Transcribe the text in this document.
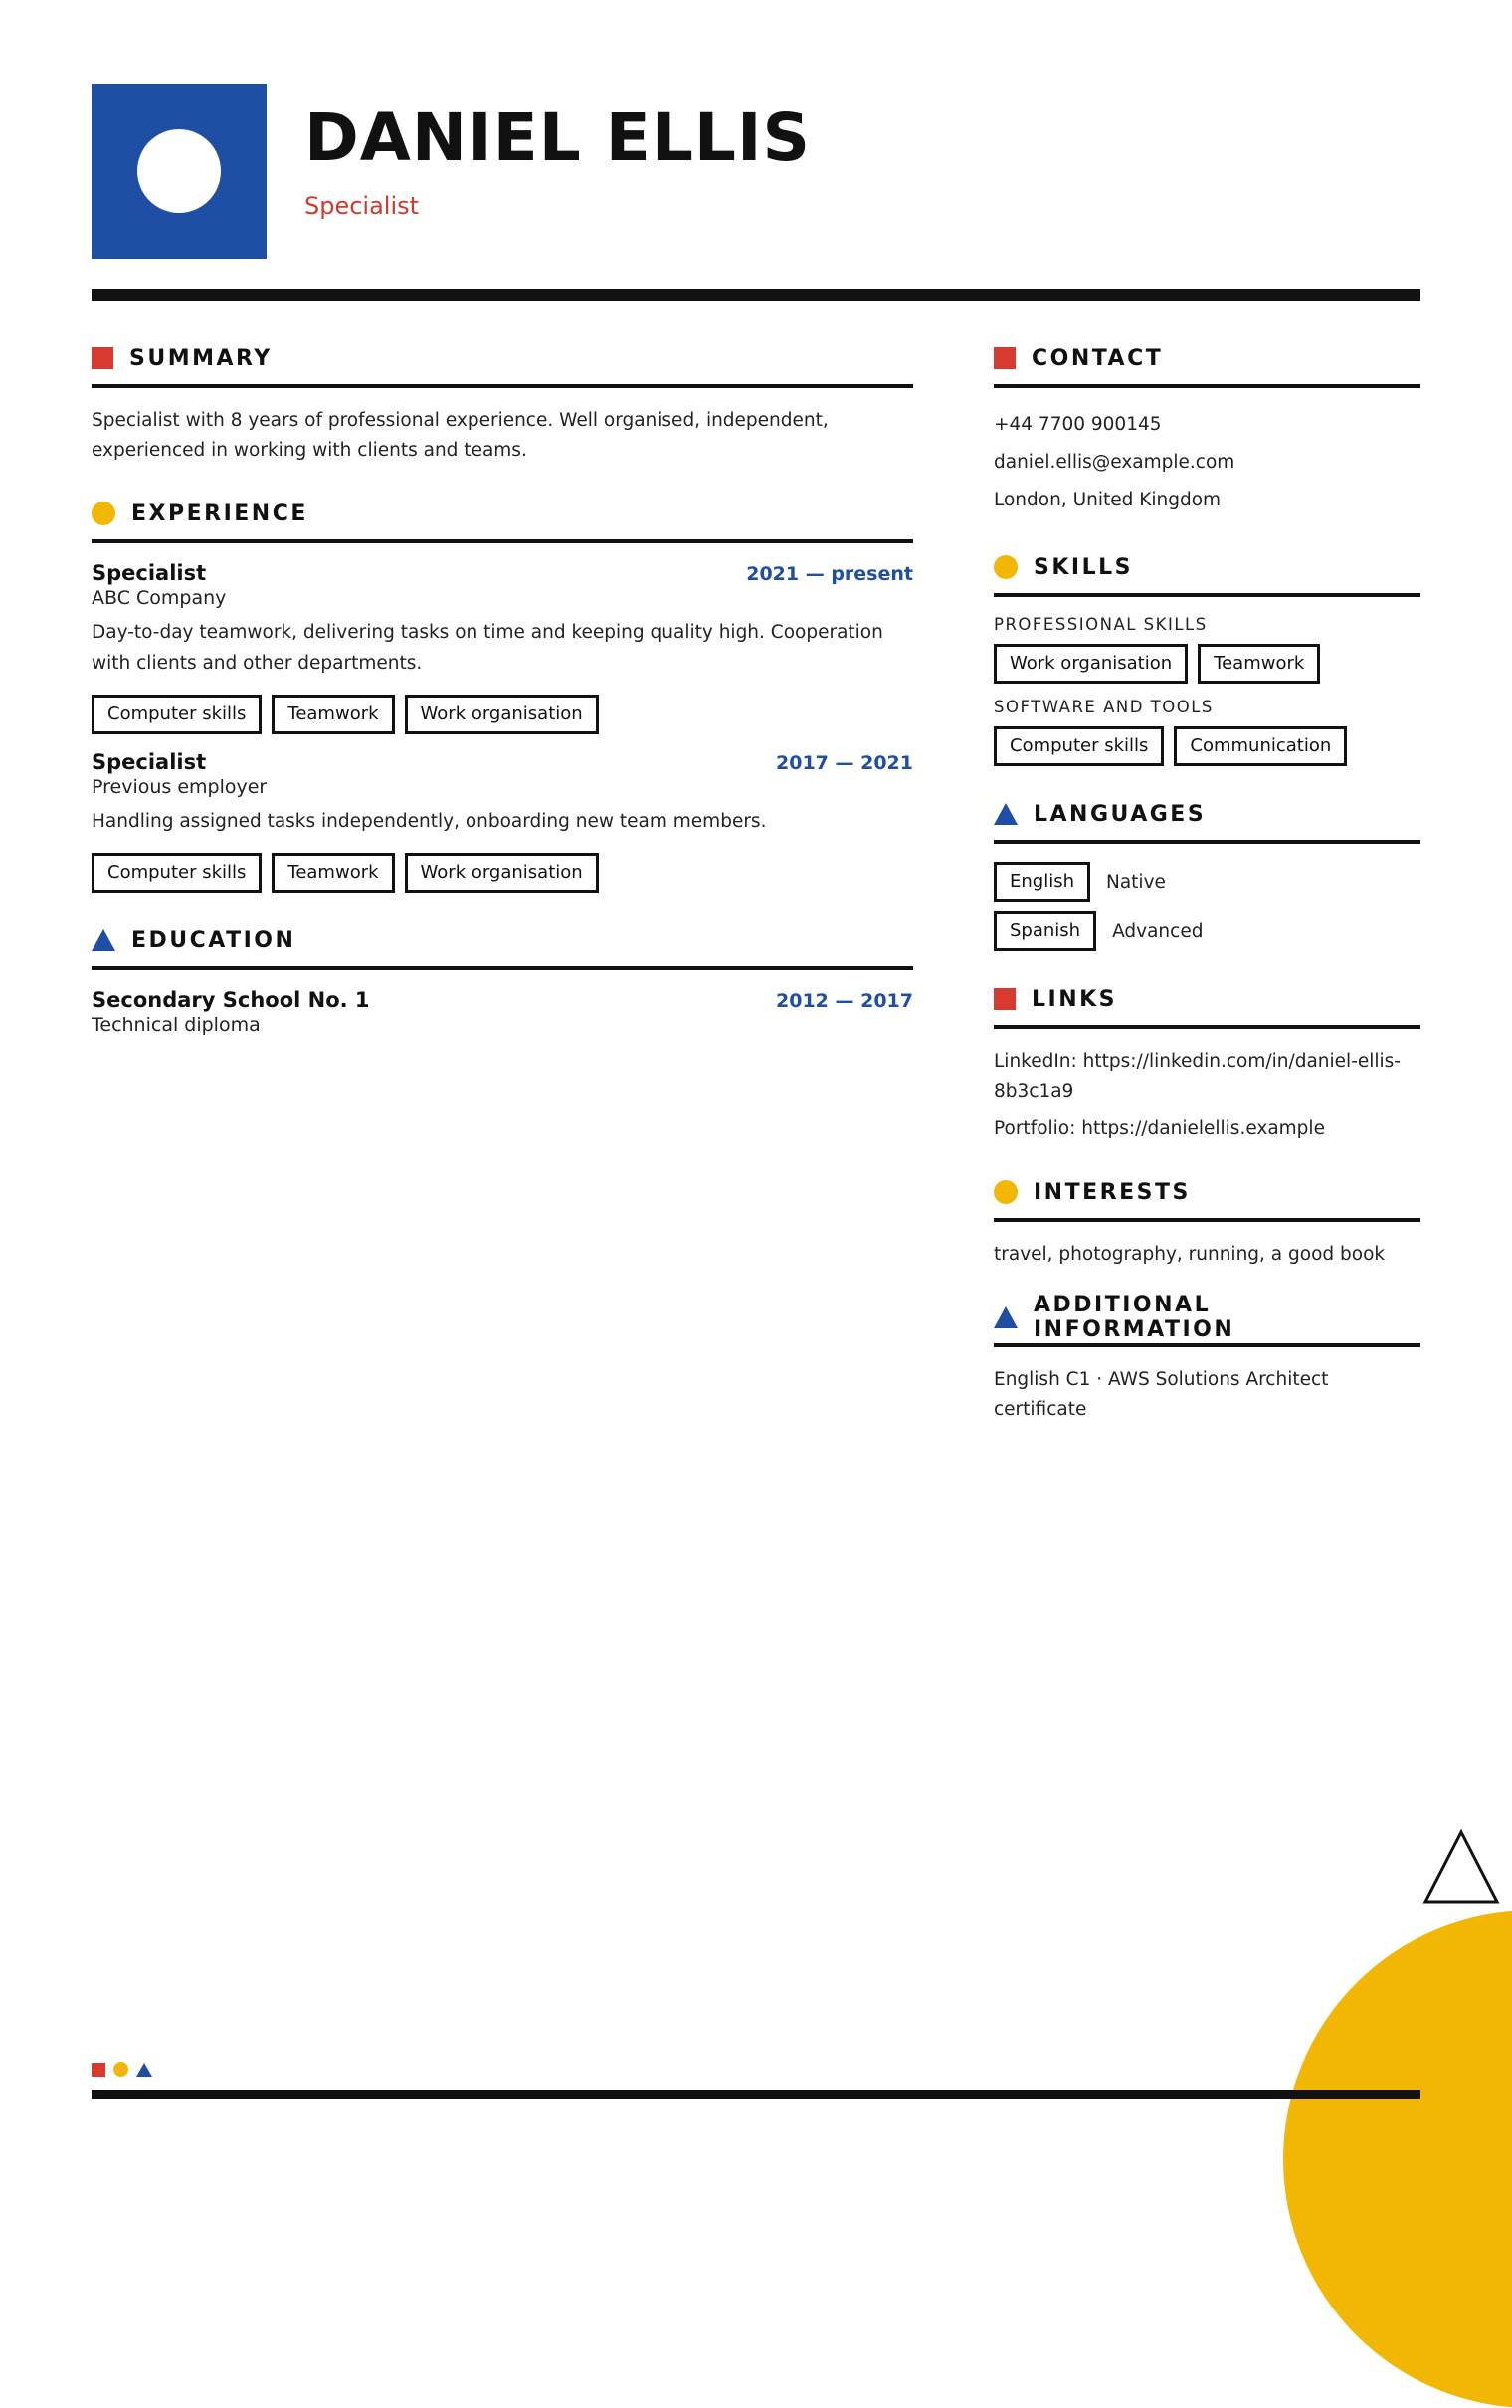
DANIEL ELLIS
Specialist
SUMMARY
Specialist with 8 years of professional experience. Well organised, independent, experienced in working with clients and teams.
EXPERIENCE
Specialist	2021 — present
ABC Company
Day-to-day teamwork, delivering tasks on time and keeping quality high. Cooperation with clients and other departments.
Computer skills	Teamwork	Work organisation
Specialist	2017 — 2021
Previous employer
Handling assigned tasks independently, onboarding new team members.
Computer skills	Teamwork	Work organisation
EDUCATION
Secondary School No. 1	2012 — 2017
Technical diploma
CONTACT
+44 7700 900145
daniel.ellis@example.com
London, United Kingdom
SKILLS
PROFESSIONAL SKILLS
Work organisation	Teamwork
SOFTWARE AND TOOLS
Computer skills	Communication
LANGUAGES
English	Native
Spanish	Advanced
LINKS
LinkedIn: https://linkedin.com/in/daniel-ellis-8b3c1a9
Portfolio: https://danielellis.example
INTERESTS
travel, photography, running, a good book
ADDITIONAL INFORMATION
English C1 · AWS Solutions Architect certificate
